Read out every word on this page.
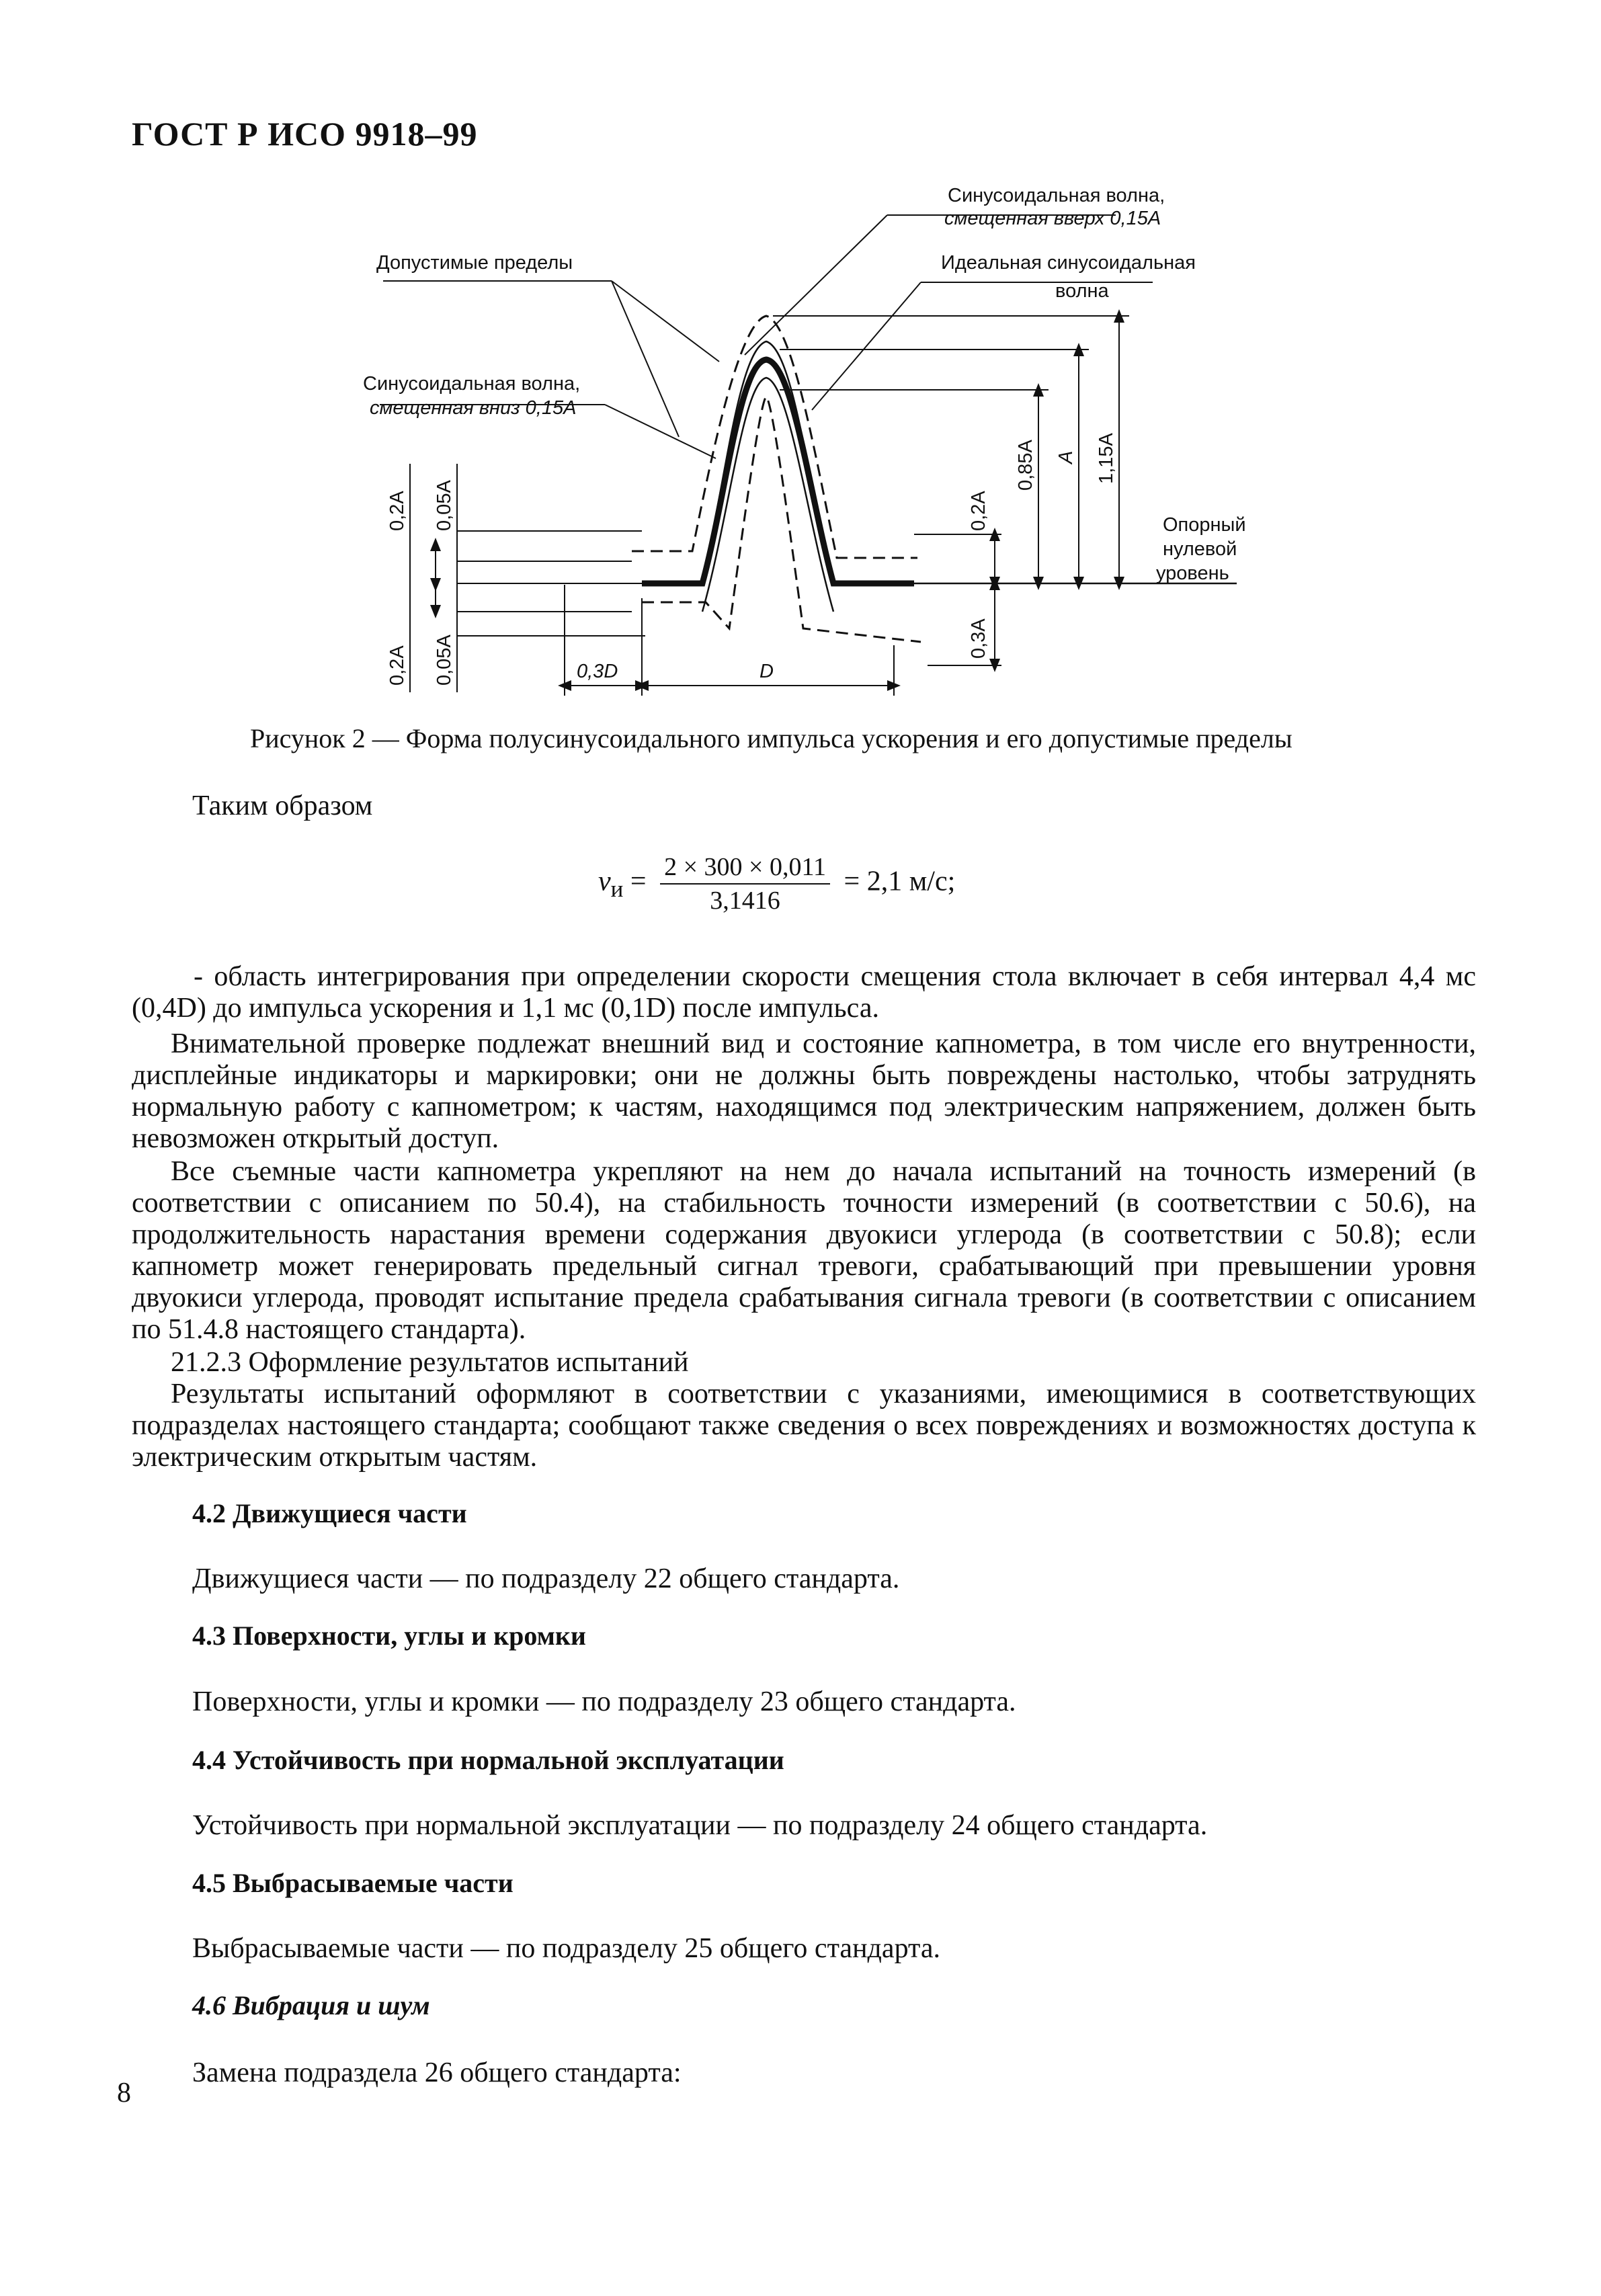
ГОСТ Р ИСО 9918–99
Синусоидальная волна,
смещенная вверх 0,15A
Допустимые пределы	Идеальная синусоидальная
волна
Синусоидальная волна,
смещенная вниз 0,15A
Опорный
нулевой
уровень
0,2A 0,05A
0,2A 0,05A
0,2A
0,85A A 1,15A
0,3A
0,3D	D
Рисунок 2 — Форма полусинусоидального импульса ускорения и его допустимые пределы
Таким образом
$v_и = \frac{2 \times 300 \times 0,011}{3,1416} = 2,1$ м/с;
- область интегрирования при определении скорости смещения стола включает в себя интервал 4,4 мс (0,4D) до импульса ускорения и 1,1 мс (0,1D) после импульса.
Внимательной проверке подлежат внешний вид и состояние капнометра, в том числе его внутренности, дисплейные индикаторы и маркировки; они не должны быть повреждены настолько, чтобы затруднять нормальную работу с капнометром; к частям, находящимся под электрическим напряжением, должен быть невозможен открытый доступ.
Все съемные части капнометра укрепляют на нем до начала испытаний на точность измерений (в соответствии с описанием по 50.4), на стабильность точности измерений (в соответствии с 50.6), на продолжительность нарастания времени содержания двуокиси углерода (в соответствии с 50.8); если капнометр может генерировать предельный сигнал тревоги, срабатывающий при превышении уровня двуокиси углерода, проводят испытание предела срабатывания сигнала тревоги (в соответствии с описанием по 51.4.8 настоящего стандарта).
21.2.3 Оформление результатов испытаний
Результаты испытаний оформляют в соответствии с указаниями, имеющимися в соответствующих подразделах настоящего стандарта; сообщают также сведения о всех повреждениях и возможностях доступа к электрическим открытым частям.
4.2 Движущиеся части
Движущиеся части — по подразделу 22 общего стандарта.
4.3 Поверхности, углы и кромки
Поверхности, углы и кромки — по подразделу 23 общего стандарта.
4.4 Устойчивость при нормальной эксплуатации
Устойчивость при нормальной эксплуатации — по подразделу 24 общего стандарта.
4.5 Выбрасываемые части
Выбрасываемые части — по подразделу 25 общего стандарта.
4.6 Вибрация и шум
Замена подраздела 26 общего стандарта:
8
